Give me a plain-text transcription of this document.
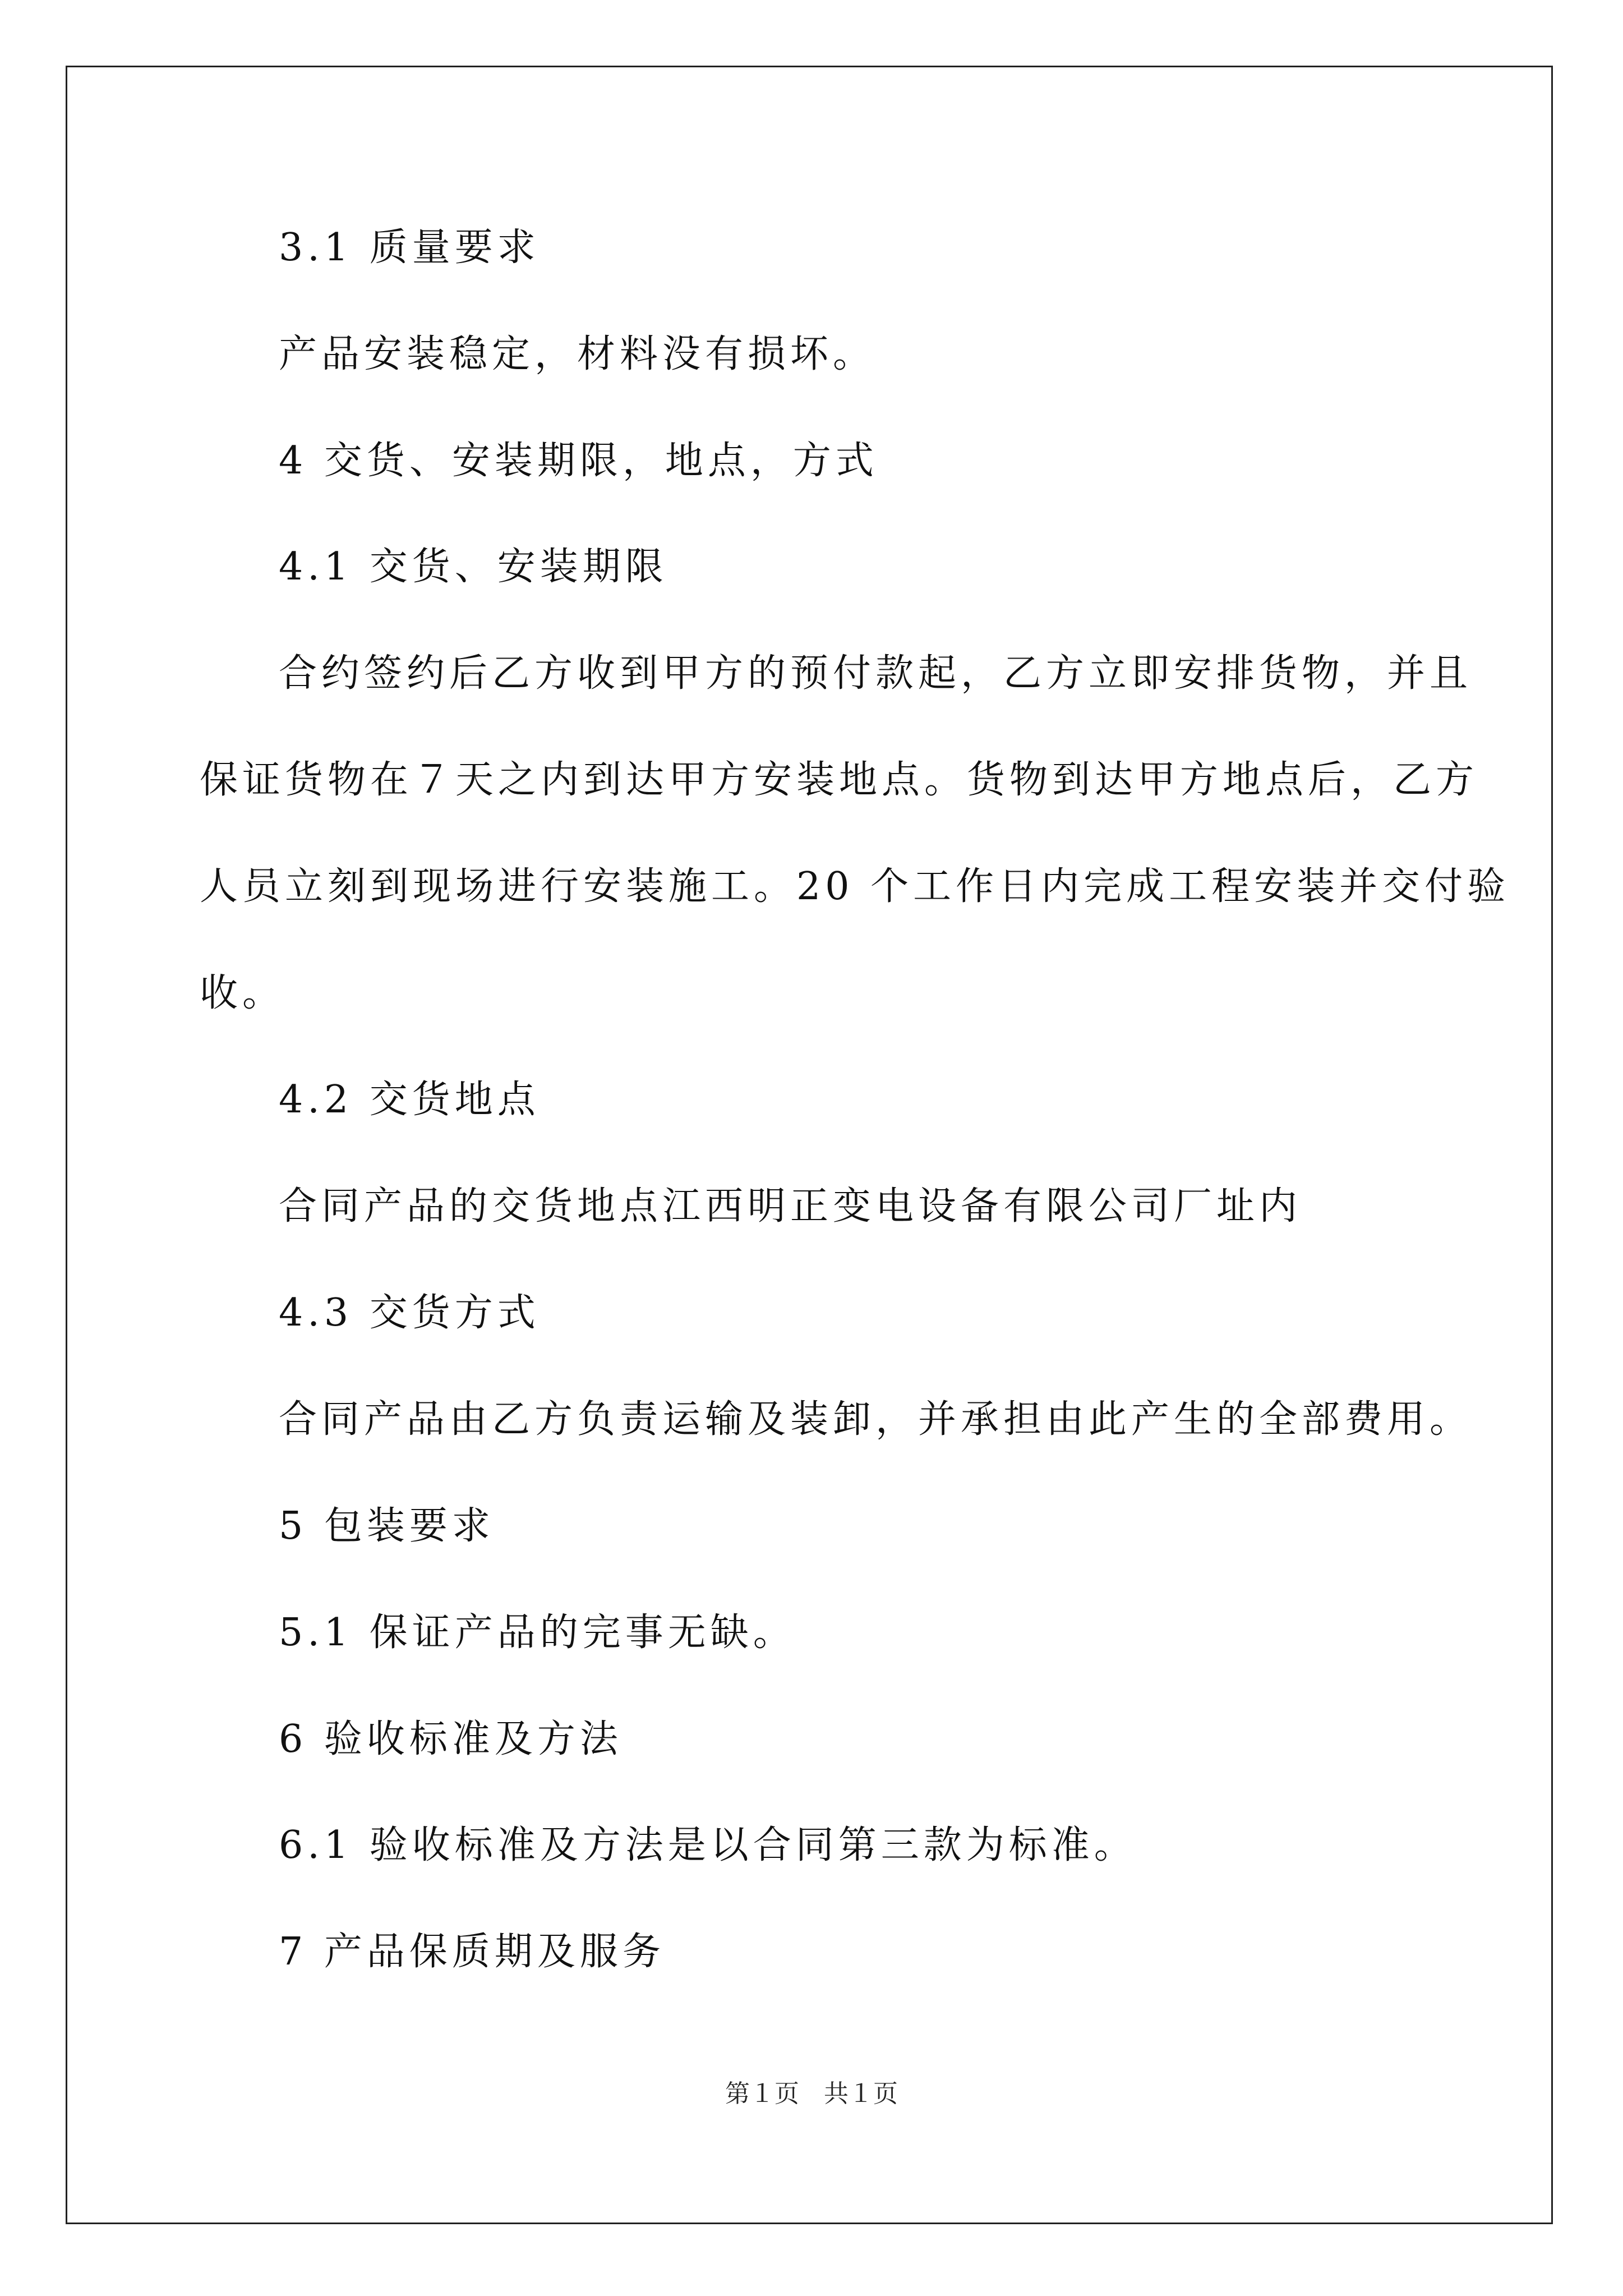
3.1 质量要求
产品安装稳定，材料没有损坏。
4 交货、安装期限，地点，方式
4.1 交货、安装期限
合约签约后乙方收到甲方的预付款起，乙方立即安排货物，并且
保证货物在７天之内到达甲方安装地点。货物到达甲方地点后，乙方
人员立刻到现场进行安装施工。20 个工作日内完成工程安装并交付验
收。
4.2 交货地点
合同产品的交货地点江西明正变电设备有限公司厂址内
4.3 交货方式
合同产品由乙方负责运输及装卸，并承担由此产生的全部费用。
5 包装要求
5.1 保证产品的完事无缺。
6 验收标准及方法
6.1 验收标准及方法是以合同第三款为标准。
7 产品保质期及服务
第１页　共１页
